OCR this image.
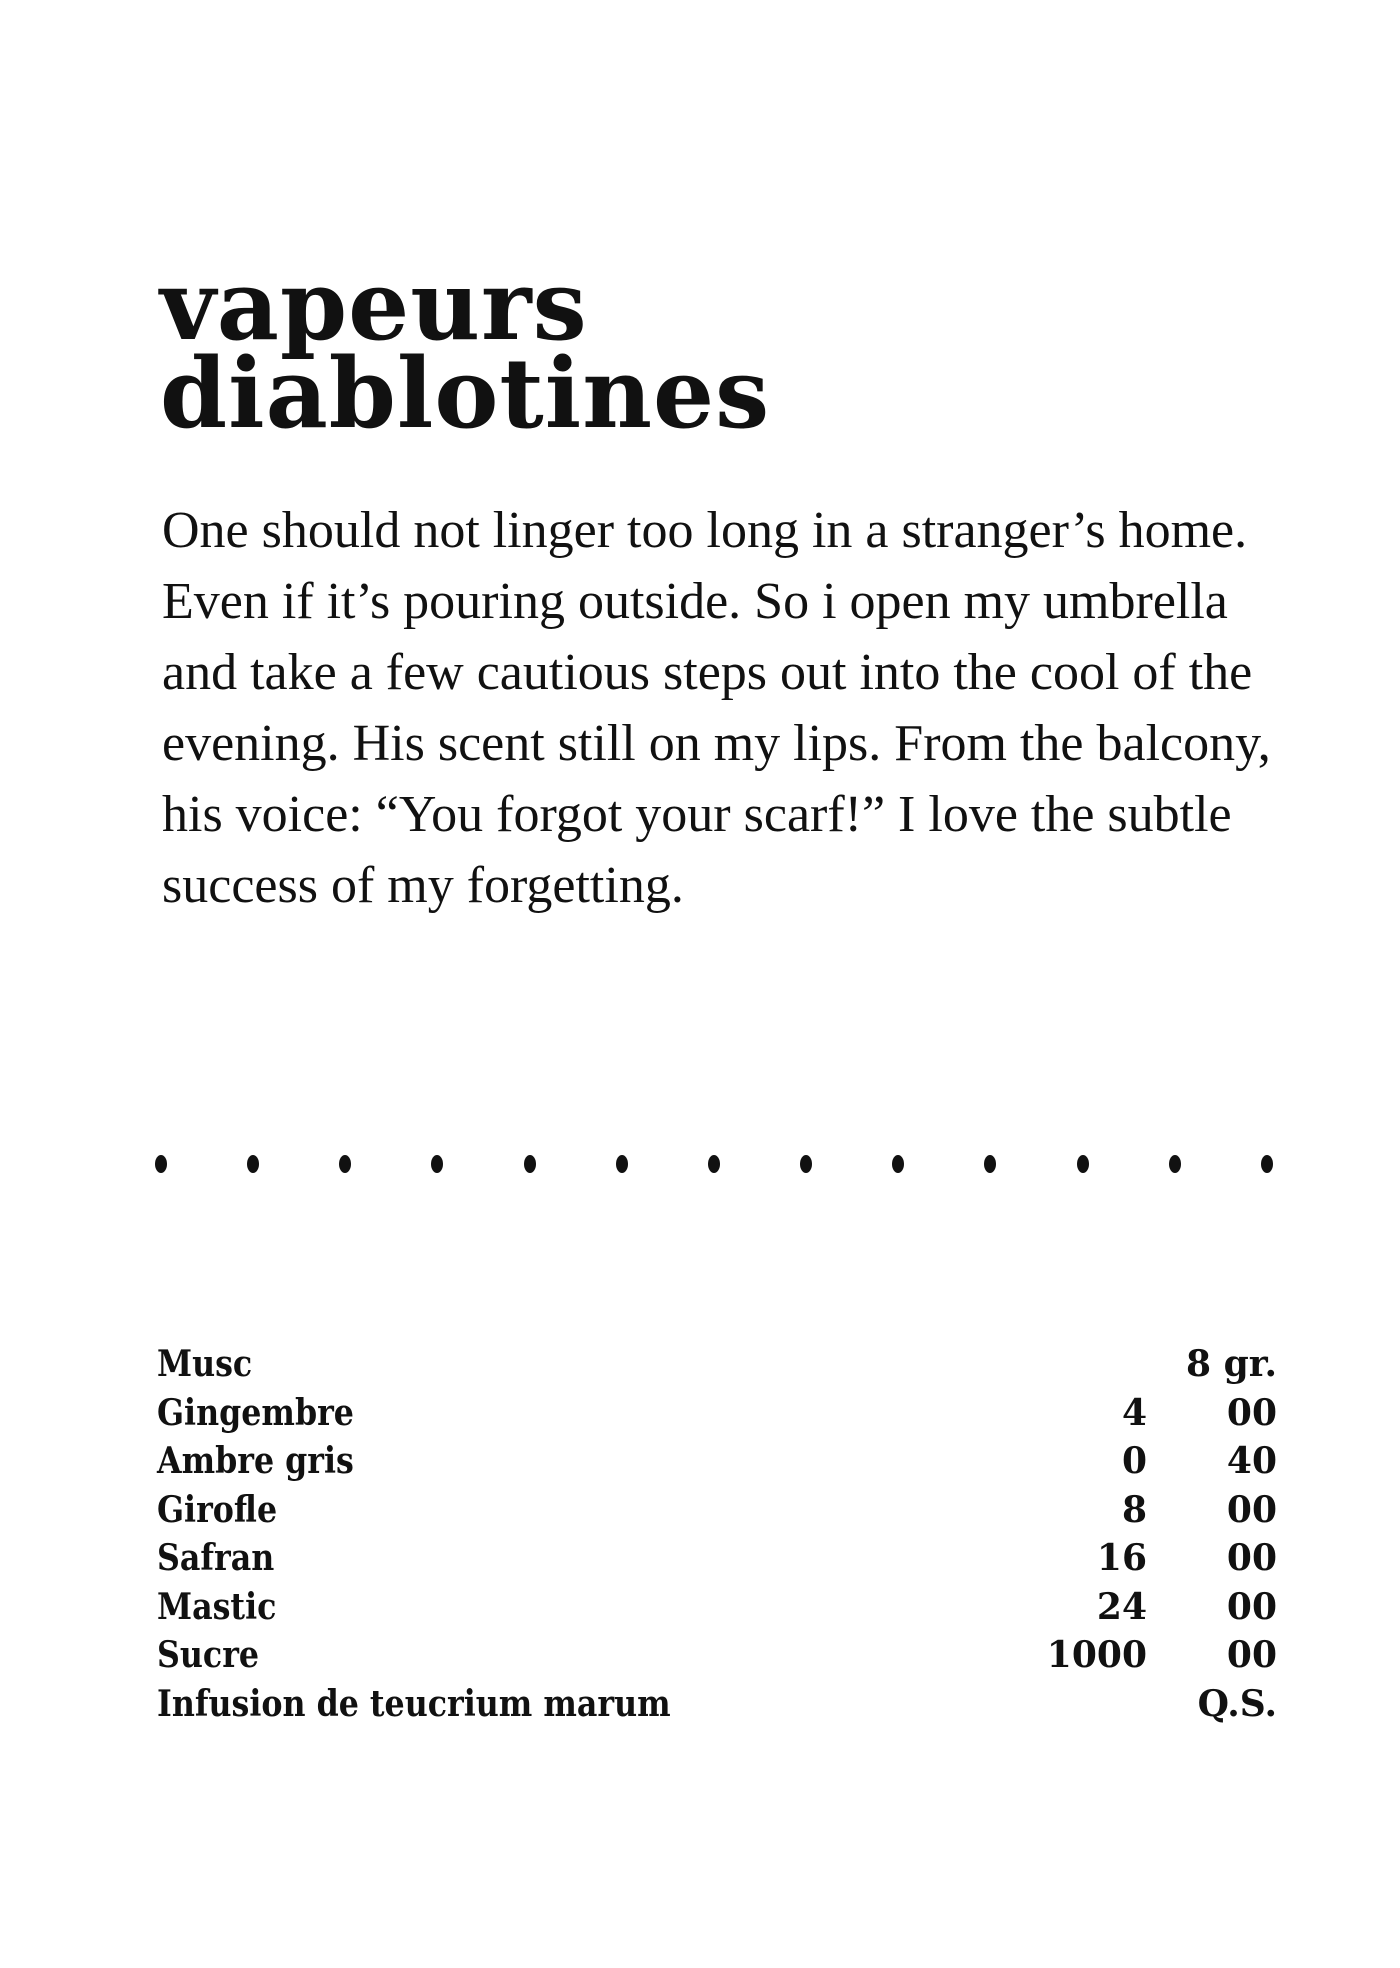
vapeurs
diablotines

One should not linger too long in a stranger’s home. Even if it’s pouring outside. So i open my umbrella and take a few cautious steps out into the cool of the evening. His scent still on my lips. From the balcony, his voice: “You forgot your scarf!” I love the subtle success of my forgetting.

Musc	8 gr.
Gingembre	4	00
Ambre gris	0	40
Girofle	8	00
Safran	16	00
Mastic	24	00
Sucre	1000	00
Infusion de teucrium marum	Q.S.
